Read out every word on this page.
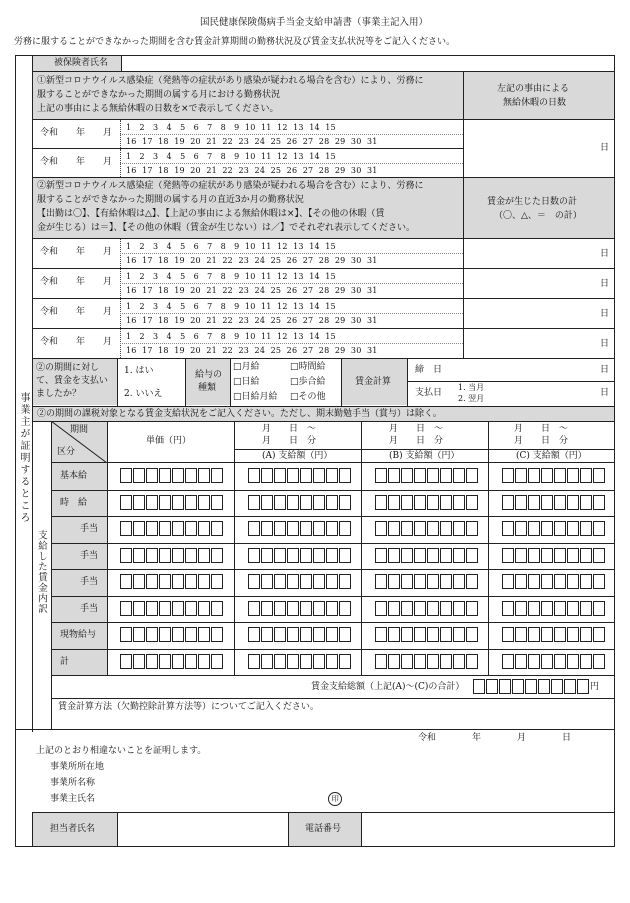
国民健康保険傷病手当金支給申請書（事業主記入用）
労務に服することができなかった期間を含む賃金計算期間の勤務状況及び賃金支払状況等をご記入ください。
事業主が証明するところ
被保険者氏名
①新型コロナウイルス感染症（発熱等の症状があり感染が疑われる場合を含む）により、労務に
服することができなかった期間の属する月における勤務状況
上記の事由による無給休暇の日数を×で表示してください。
左記の事由による
無給休暇の日数
令和　　年　　月
1   2   3   4   5   6   7   8   9  10  11  12  13  14  15
16  17  18  19  20  21  22  23  24  25  26  27  28  29  30  31
令和　　年　　月
1   2   3   4   5   6   7   8   9  10  11  12  13  14  15
16  17  18  19  20  21  22  23  24  25  26  27  28  29  30  31
日
②新型コロナウイルス感染症（発熱等の症状があり感染が疑われる場合を含む）により、労務に
服することができなかった期間の属する月の直近3か月の勤務状況
【出勤は〇】、【有給休暇は△】、【上記の事由による無給休暇は×】、【その他の休暇（賃
金が生じる）は＝】、【その他の休暇（賃金が生じない）は／】でそれぞれ表示してください。
賃金が生じた日数の計
（〇、△、＝　の計）
令和　　年　　月
1   2   3   4   5   6   7   8   9  10  11  12  13  14  15
16  17  18  19  20  21  22  23  24  25  26  27  28  29  30  31
日
令和　　年　　月
1   2   3   4   5   6   7   8   9  10  11  12  13  14  15
16  17  18  19  20  21  22  23  24  25  26  27  28  29  30  31
日
令和　　年　　月
1   2   3   4   5   6   7   8   9  10  11  12  13  14  15
16  17  18  19  20  21  22  23  24  25  26  27  28  29  30  31
日
令和　　年　　月
1   2   3   4   5   6   7   8   9  10  11  12  13  14  15
16  17  18  19  20  21  22  23  24  25  26  27  28  29  30  31
日
②の期間に対し
て、賃金を支払い
ましたか？
1. はい
2. いいえ
給与の
種類
□月給	□時間給
□日給	□歩合給
□日給月給 □その他
賃金計算
締　日	日
支払日
1. 当月
2. 翌月
日
②の期間の課税対象となる賃金支給状況をご記入ください。ただし、期末勤勉手当（賞与）は除く。
期間
区分
単価（円）
月　　日　～
月　　日　分
月　　日　～
月　　日　分
月　　日　～
月　　日　分
(A) 支給額（円）	(B) 支給額（円）	(C) 支給額（円）
支給した賃金内訳
基本給
時　給
手当
手当
手当
手当
現物給与
計
賃金支給総額（上記(A)～(C)の合計）	円
賃金計算方法（欠勤控除計算方法等）についてご記入ください。
令和　　　　年　　　　月　　　　日
上記のとおり相違ないことを証明します。
事業所所在地
事業所名称
事業主氏名	印
担当者氏名	電話番号
